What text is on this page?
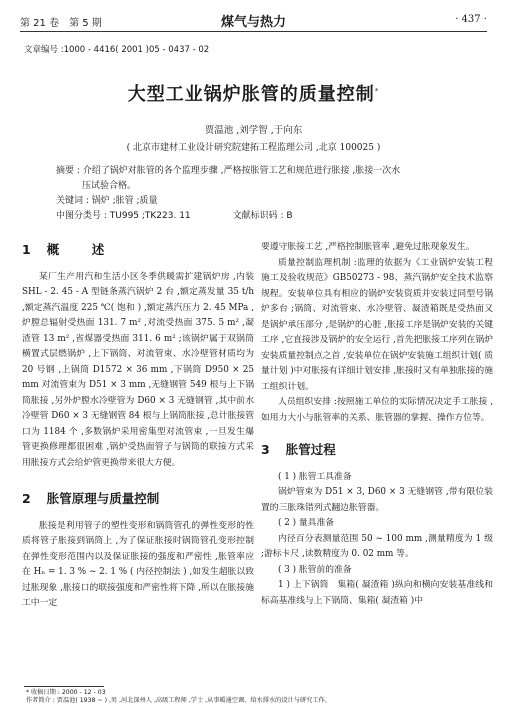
第 21 卷　第 5 期	煤气与热力	· 437 ·
文章编号 :1000 - 4416( 2001 )05 - 0437 - 02
大型工业锅炉胀管的质量控制*
贾温池 ,刘学智 ,于向东
( 北京市建材工业设计研究院建拓工程监理公司 ,北京 100025 )
摘要 : 介绍了锅炉对胀管的各个监理步骤 ,严格按胀管工艺和规范进行胀接 ,胀接一次水
压试验合格。
关键词 : 锅炉 ;胀管 ;质量
中图分类号 : TU995 ;TK223. 11	文献标识码 : B
1 概　述

某厂生产用汽和生活小区冬季供暖需扩建锅炉房 ,内装 SHL - 2. 45 - A 型链条蒸汽锅炉 2 台 ,额定蒸发量 35 t/h ,额定蒸汽温度 225 ℃( 饱和 ) ,额定蒸汽压力 2. 45 MPa ,炉膛总辐射受热面 131. 7 m² ,对流受热面 375. 5 m² ,凝渣管 13 m² ,省煤器受热面 311. 6 m² ;该锅炉属于双锅筒横置式层燃锅炉 ,上下锅筒、对流管束、水冷壁管材质均为 20 号钢 ,上锅筒 D1572 × 36 mm ,下锅筒 D950 × 25 mm 对流管束为 D51 × 3 mm ,无缝钢管 549 根与上下锅筒胀接 ,另外炉膛水冷壁管为 D60 × 3 无缝钢管 ,其中前水冷壁管 D60 × 3 无缝钢管 84 根与上锅筒胀接 ,总计胀接管口为 1184 个 ,多数锅炉采用密集型对流管束 ,一旦发生爆管更换修理都很困难 ,锅炉受热面管子与锅筒的联接方式采用胀接方式会给炉管更换带来很大方便。

2 胀管原理与质量控制

胀接是利用管子的塑性变形和锅筒管孔的弹性变形的性质将管子胀接到锅筒上 ,为了保证胀接时锅筒管孔变形控制在弹性变形范围内以及保证胀接的强度和严密性 ,胀管率应在 Hₙ = 1. 3 % ~ 2. 1 % ( 内径控制法 ) ,如发生超胀以致过胀现象 ,胀接口的联接强度和严密性将下降 ,所以在胀接施工中一定

要遵守胀接工艺 ,严格控制胀管率 ,避免过胀现象发生。

质量控制监理机制 :监理的依据为《工业锅炉安装工程施工及验收规范》GB50273 - 98、蒸汽锅炉安全技术监察规程。安装单位具有相应的锅炉安装资质并安装过同型号锅炉多台 ;锅筒、对流管束、水冷壁管、凝渣箱既是受热面又是锅炉承压部分 ,是锅炉的心脏 ,胀接工序是锅炉安装的关键工序 ,它直接涉及锅炉的安全运行 ,首先把胀接工序列在锅炉安装质量控制点之首 ,安装单位在锅炉安装施工组织计划( 质量计划 )中对胀接有详细计划安排 ,胀接时又有单独胀接的施工组织计划。

人员组织安排 :按照施工单位的实际情况决定手工胀接 ,如用力大小与胀管率的关系、胀管器的掌握、操作方位等。

3 胀管过程

( 1 ) 胀管工具准备

锅炉管束为 D51 × 3, D60 × 3 无缝钢管 ,带有限位装置的三胀珠错列式翻边胀管器。

( 2 ) 量具准备

内径百分表测量范围 50 ~ 100 mm ,测量精度为 1 级 ;游标卡尺 ,读数精度为 0. 02 mm 等。

( 3 ) 胀管前的准备

1 ) 上下锅筒　集箱( 凝渣箱 )纵向和横向安装基准线和标高基准线与上下锅筒、集箱( 凝渣箱 )中

* 收稿日期 : 2000 - 12 - 03
作者简介 : 贾温池( 1938 ~ ) ,男 ,河北深州人 ,高级工程师 ,学士 ,从事暖通空调、给水排水的设计与研究工作。
